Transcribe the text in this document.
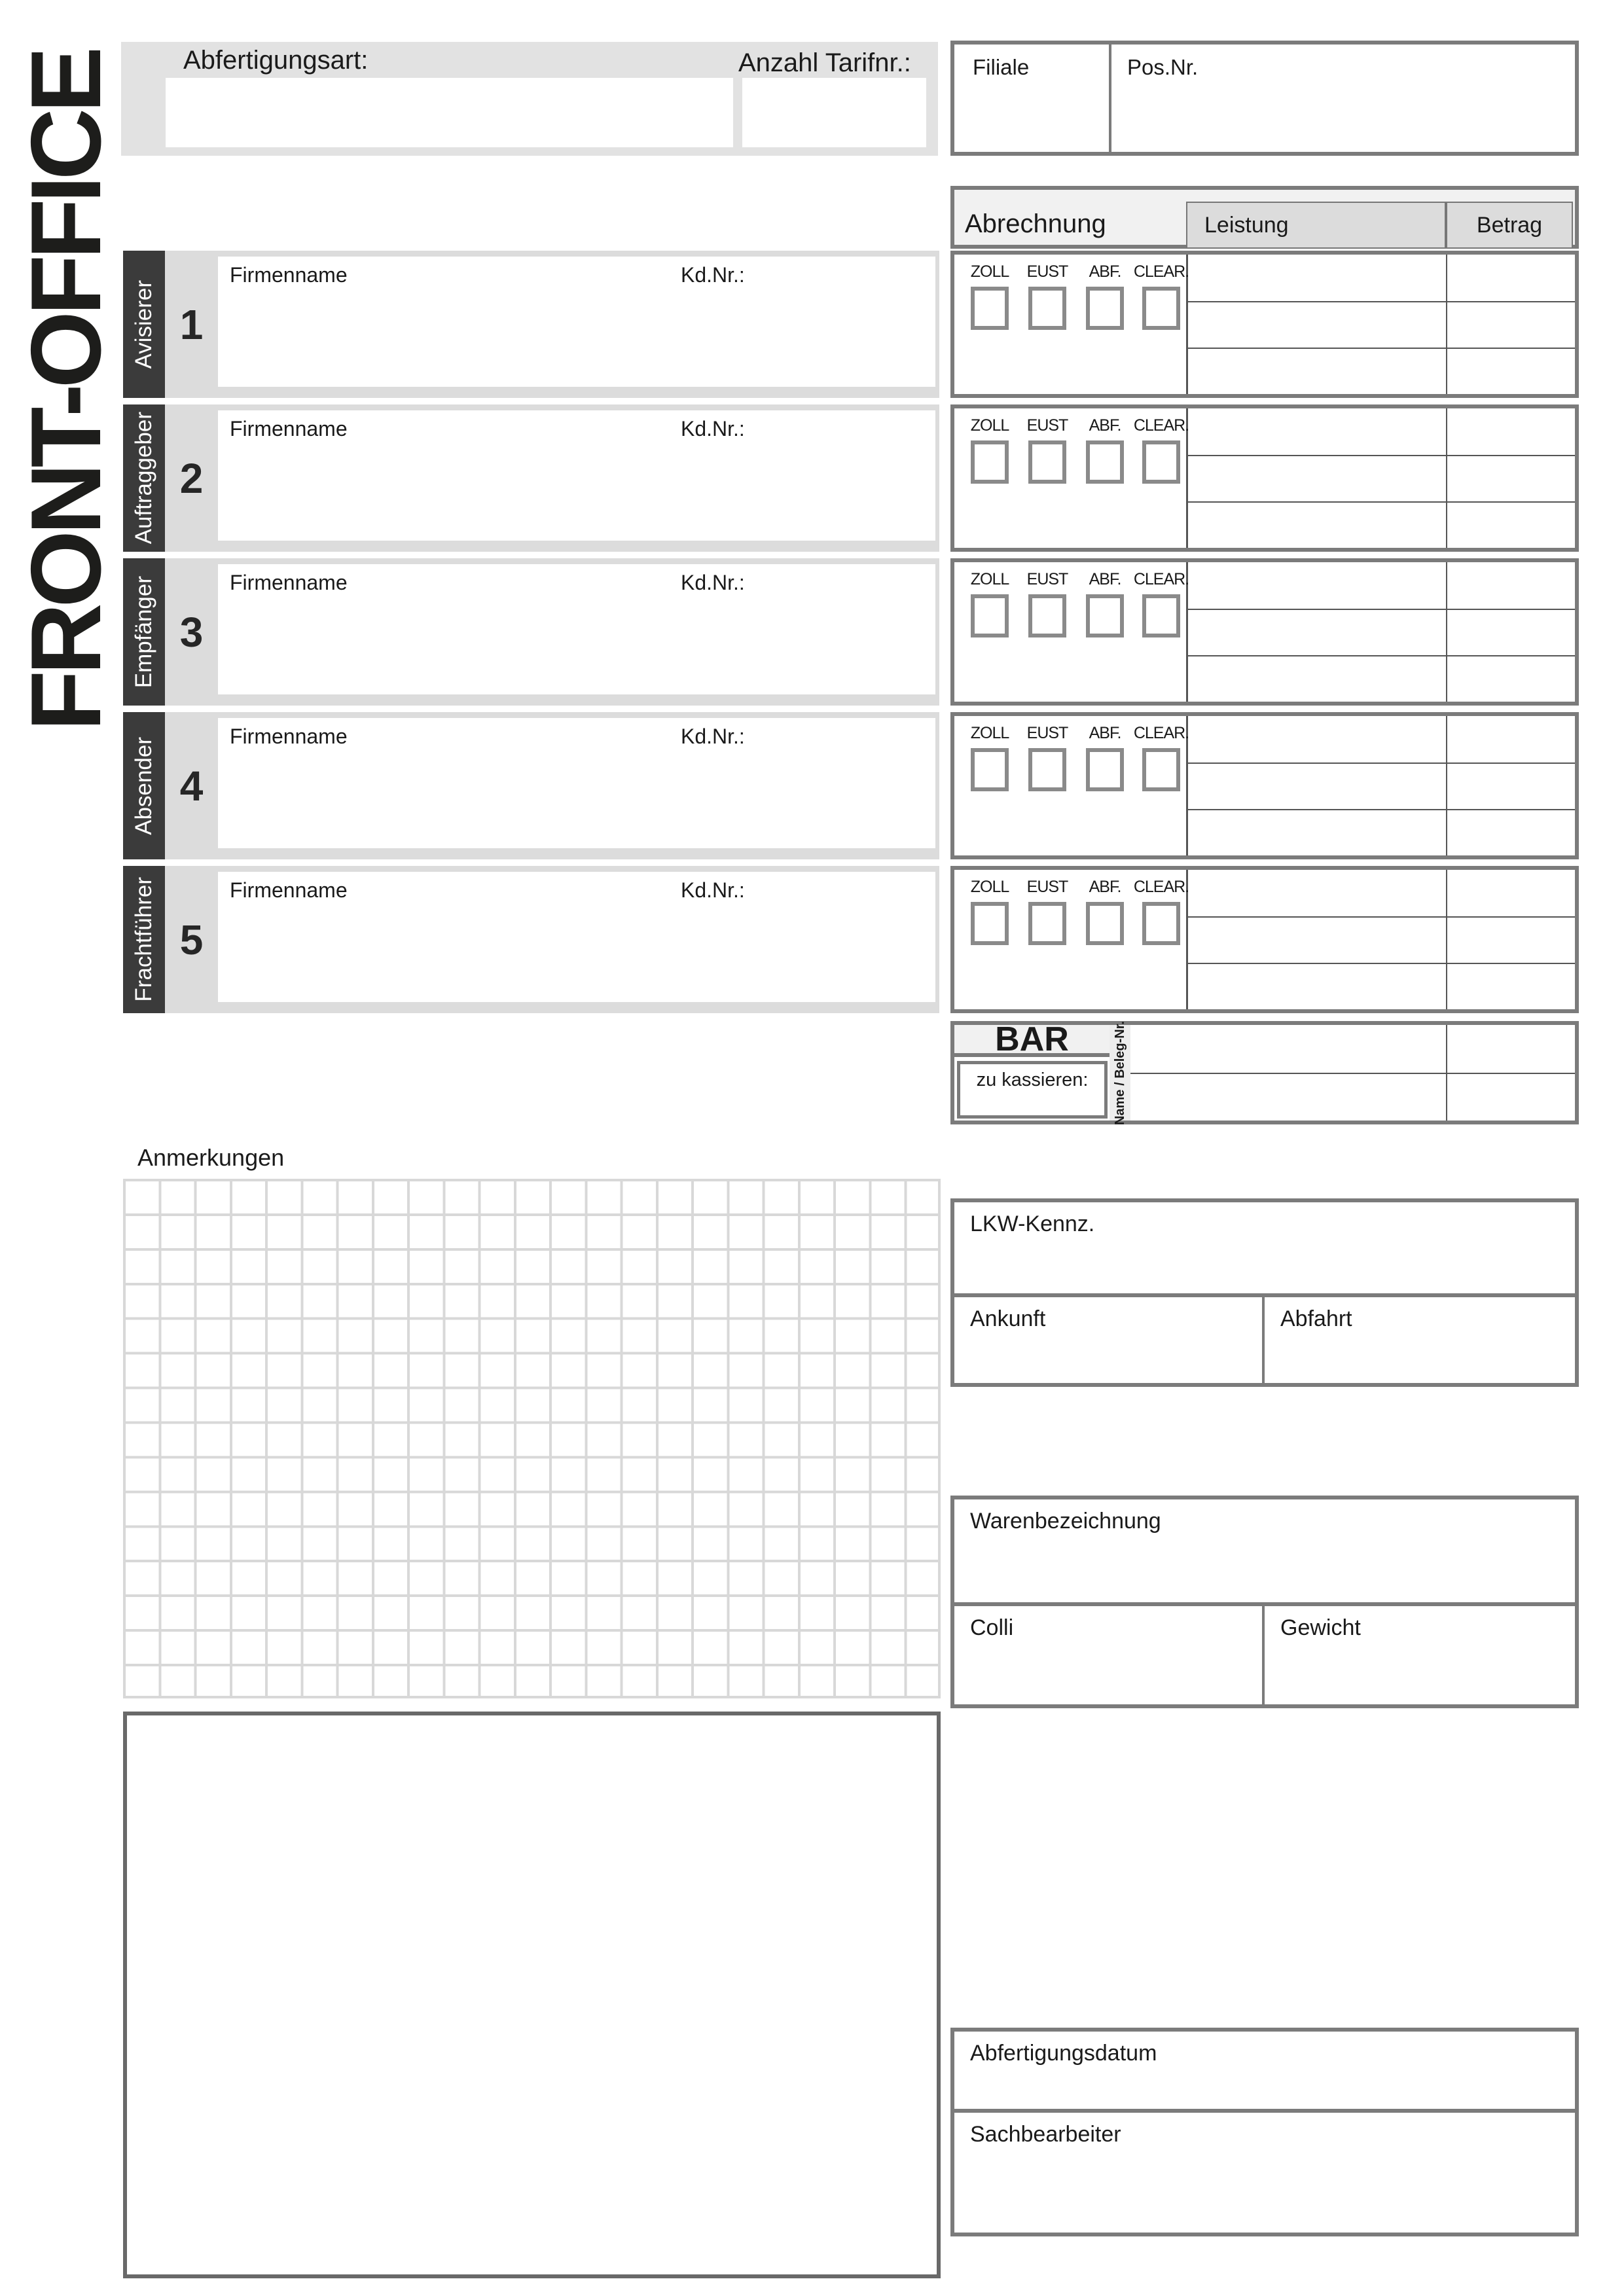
FRONT-OFFICE Abfertigungsart:	Anzahl Tarifnr.:	Filiale	Pos.Nr.
Abrechnung	Leistung	Betrag
Avisierer 1
Firmenname	Kd.Nr.:	ZOLL	EUST	ABF. CLEAR.
Auftraggeber 2
Firmenname	Kd.Nr.:	ZOLL	EUST	ABF. CLEAR.
Empfänger 3
Firmenname	Kd.Nr.:	ZOLL	EUST	ABF. CLEAR.
Absender 4
Firmenname	Kd.Nr.:	ZOLL	EUST	ABF. CLEAR.
Frachtführer 5
Firmenname	Kd.Nr.:	ZOLL	EUST	ABF. CLEAR.
BAR
zu kassieren:	Name / Beleg-Nr.
Anmerkungen
LKW-Kennz.
Ankunft	Abfahrt
Warenbezeichnung
Colli	Gewicht
Abfertigungsdatum
Sachbearbeiter
